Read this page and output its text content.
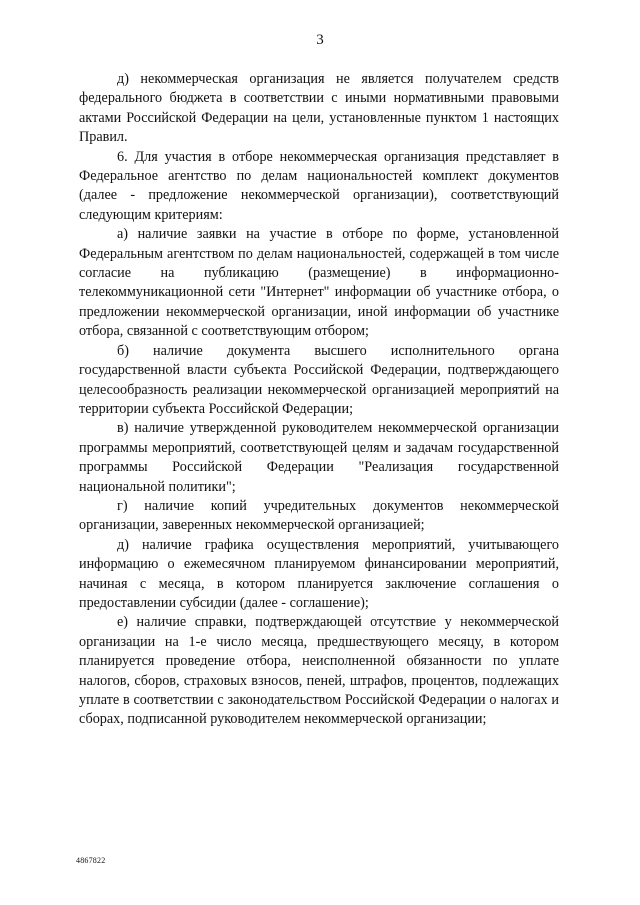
3

д) некоммерческая организация не является получателем средств федерального бюджета в соответствии с иными нормативными правовыми актами Российской Федерации на цели, установленные пунктом 1 настоящих Правил.

6. Для участия в отборе некоммерческая организация представляет в Федеральное агентство по делам национальностей комплект документов (далее - предложение некоммерческой организации), соответствующий следующим критериям:

а) наличие заявки на участие в отборе по форме, установленной Федеральным агентством по делам национальностей, содержащей в том числе согласие на публикацию (размещение) в информационно-телекоммуникационной сети "Интернет" информации об участнике отбора, о предложении некоммерческой организации, иной информации об участнике отбора, связанной с соответствующим отбором;

б) наличие документа высшего исполнительного органа государственной власти субъекта Российской Федерации, подтверждающего целесообразность реализации некоммерческой организацией мероприятий на территории субъекта Российской Федерации;

в) наличие утвержденной руководителем некоммерческой организации программы мероприятий, соответствующей целям и задачам государственной программы Российской Федерации "Реализация государственной национальной политики";

г) наличие копий учредительных документов некоммерческой организации, заверенных некоммерческой организацией;

д) наличие графика осуществления мероприятий, учитывающего информацию о ежемесячном планируемом финансировании мероприятий, начиная с месяца, в котором планируется заключение соглашения о предоставлении субсидии (далее - соглашение);

е) наличие справки, подтверждающей отсутствие у некоммерческой организации на 1-е число месяца, предшествующего месяцу, в котором планируется проведение отбора, неисполненной обязанности по уплате налогов, сборов, страховых взносов, пеней, штрафов, процентов, подлежащих уплате в соответствии с законодательством Российской Федерации о налогах и сборах, подписанной руководителем некоммерческой организации;

4867822
